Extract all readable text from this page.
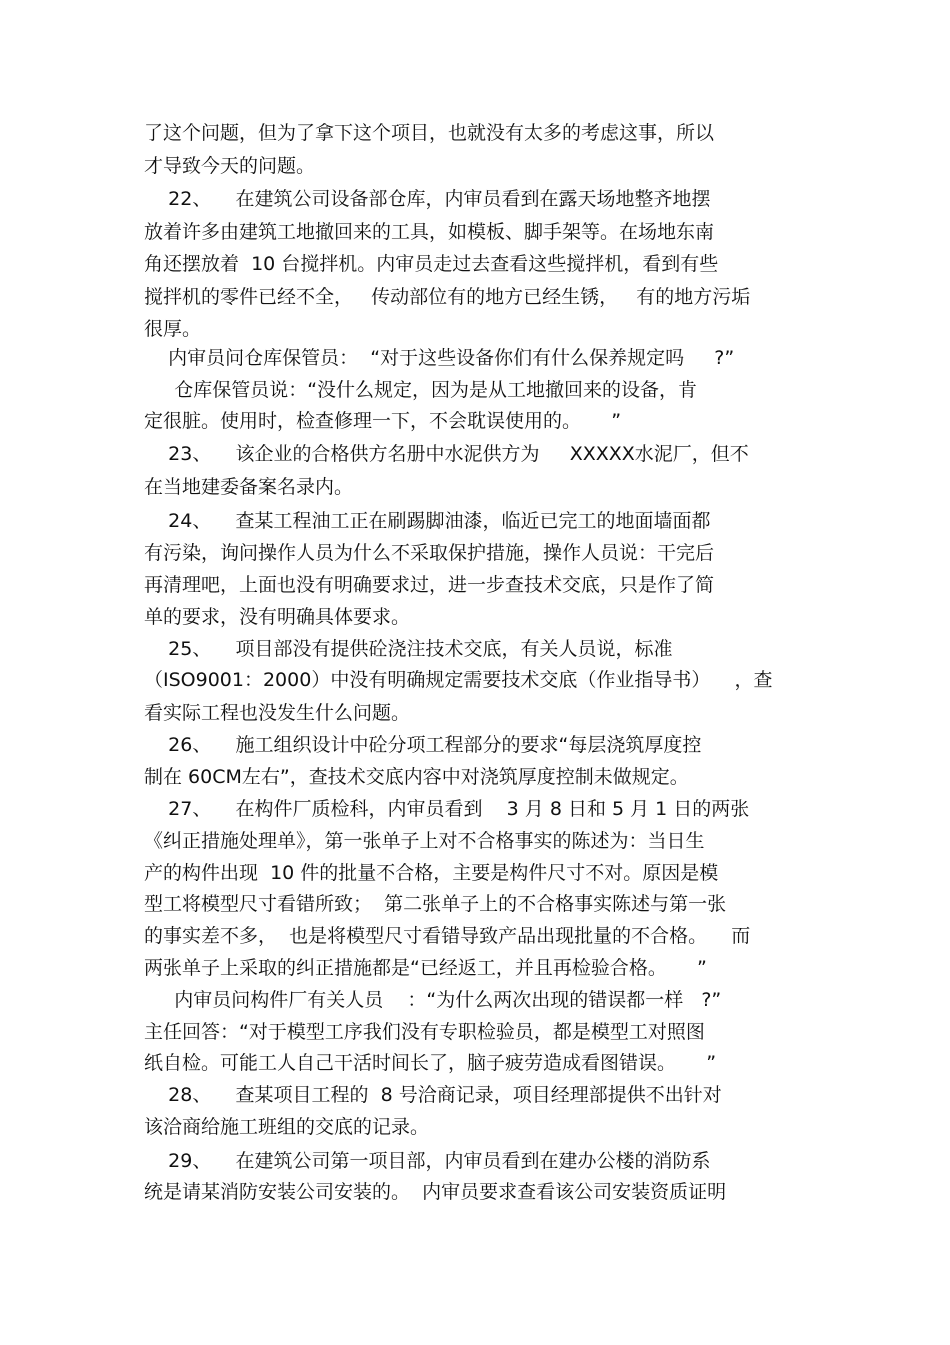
了这个问题，但为了拿下这个项目，也就没有太多的考虑这事，所以
才导致今天的问题。
22、    在建筑公司设备部仓库，内审员看到在露天场地整齐地摆
放着许多由建筑工地撤回来的工具，如模板、脚手架等。在场地东南
角还摆放着  10 台搅拌机。内审员走过去查看这些搅拌机，看到有些
搅拌机的零件已经不全，   传动部位有的地方已经生锈，   有的地方污垢
很厚。
内审员问仓库保管员：  “对于这些设备你们有什么保养规定吗     ?”
仓库保管员说：“没什么规定，因为是从工地撤回来的设备，肯
定很脏。使用时，检查修理一下，不会耽误使用的。     ”
23、    该企业的合格供方名册中水泥供方为     XXXXX水泥厂，但不
在当地建委备案名录内。
24、    查某工程油工正在刷踢脚油漆，临近已完工的地面墙面都
有污染，询问操作人员为什么不采取保护措施，操作人员说：干完后
再清理吧，上面也没有明确要求过，进一步查技术交底，只是作了简
单的要求，没有明确具体要求。
25、    项目部没有提供砼浇注技术交底，有关人员说，标准
（ISO9001：2000）中没有明确规定需要技术交底（作业指导书）    ，查
看实际工程也没发生什么问题。
26、    施工组织设计中砼分项工程部分的要求“每层浇筑厚度控
制在 60CM左右”，查技术交底内容中对浇筑厚度控制未做规定。
27、    在构件厂质检科，内审员看到    3 月 8 日和 5 月 1 日的两张
《纠正措施处理单》，第一张单子上对不合格事实的陈述为：当日生
产的构件出现  10 件的批量不合格，主要是构件尺寸不对。原因是模
型工将模型尺寸看错所致；  第二张单子上的不合格事实陈述与第一张
的事实差不多，  也是将模型尺寸看错导致产品出现批量的不合格。    而
两张单子上采取的纠正措施都是“已经返工，并且再检验合格。     ”
内审员问构件厂有关人员    ：“为什么两次出现的错误都一样   ?”
主任回答：“对于模型工序我们没有专职检验员，都是模型工对照图
纸自检。可能工人自己干活时间长了，脑子疲劳造成看图错误。     ”
28、    查某项目工程的  8 号洽商记录，项目经理部提供不出针对
该洽商给施工班组的交底的记录。
29、    在建筑公司第一项目部，内审员看到在建办公楼的消防系
统是请某消防安装公司安装的。  内审员要求查看该公司安装资质证明
